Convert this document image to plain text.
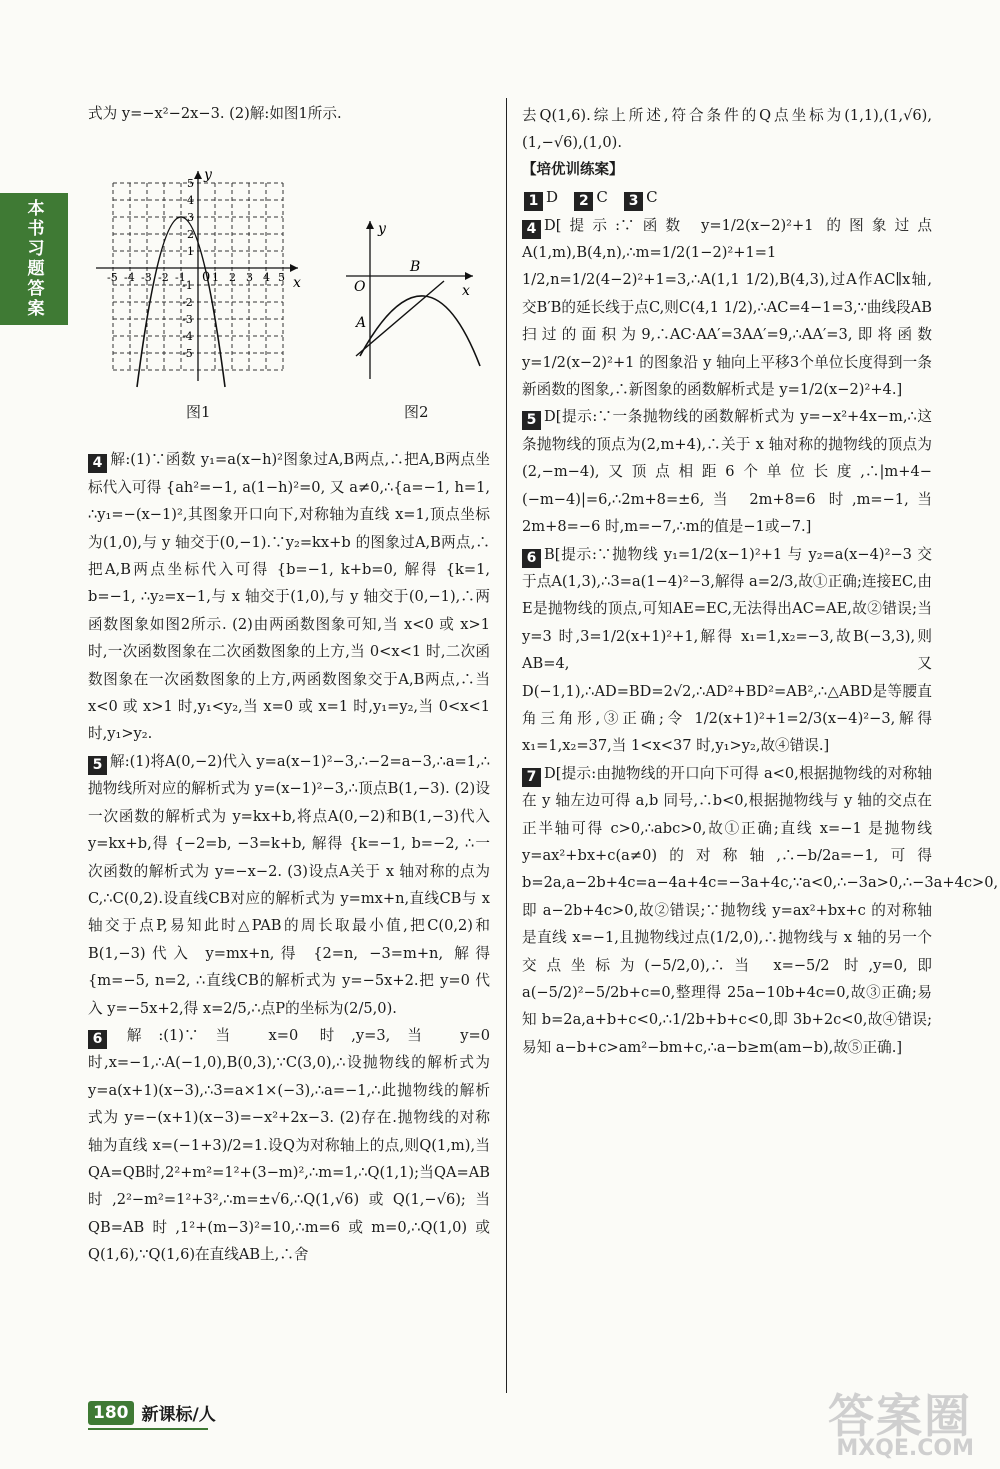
本书习题答案

式为 y=−x²−2x−3. (2)解:如图1所示.

x
y
0
-5 -4 -3 -2 -1 1 2 3 4 5
5
4
3
2
1
-1
-2
-3
-4
-5
y
x
O
A
B
图1	图2

4 解:(1)∵函数 y₁=a(x−h)²图象过A,B两点,∴把A,B两点坐标代入可得 {ah²=−1, a(1−h)²=0, 又 a≠0,∴{a=−1, h=1, ∴y₁=−(x−1)²,其图象开口向下,对称轴为直线 x=1,顶点坐标为(1,0),与 y 轴交于(0,−1).∵y₂=kx+b 的图象过A,B两点,∴把A,B两点坐标代入可得 {b=−1, k+b=0, 解得 {k=1, b=−1, ∴y₂=x−1,与 x 轴交于(1,0),与 y 轴交于(0,−1),∴两函数图象如图2所示. (2)由两函数图象可知,当 x<0 或 x>1 时,一次函数图象在二次函数图象的上方,当 0<x<1 时,二次函数图象在一次函数图象的上方,两函数图象交于A,B两点,∴当 x<0 或 x>1 时,y₁<y₂,当 x=0 或 x=1 时,y₁=y₂,当 0<x<1 时,y₁>y₂.

5 解:(1)将A(0,−2)代入 y=a(x−1)²−3,∴−2=a−3,∴a=1,∴抛物线所对应的解析式为 y=(x−1)²−3,∴顶点B(1,−3). (2)设一次函数的解析式为 y=kx+b,将点A(0,−2)和B(1,−3)代入 y=kx+b,得 {−2=b, −3=k+b, 解得 {k=−1, b=−2, ∴一次函数的解析式为 y=−x−2. (3)设点A关于 x 轴对称的点为C,∴C(0,2).设直线CB对应的解析式为 y=mx+n,直线CB与 x 轴交于点P,易知此时△PAB的周长取最小值,把C(0,2)和B(1,−3)代入 y=mx+n,得 {2=n, −3=m+n, 解得 {m=−5, n=2, ∴直线CB的解析式为 y=−5x+2.把 y=0 代入 y=−5x+2,得 x=2/5,∴点P的坐标为(2/5,0).

6 解:(1)∵当 x=0 时,y=3,当 y=0 时,x=−1,∴A(−1,0),B(0,3),∵C(3,0),∴设抛物线的解析式为 y=a(x+1)(x−3),∴3=a×1×(−3),∴a=−1,∴此抛物线的解析式为 y=−(x+1)(x−3)=−x²+2x−3. (2)存在.抛物线的对称轴为直线 x=(−1+3)/2=1.设Q为对称轴上的点,则Q(1,m),当QA=QB时,2²+m²=1²+(3−m)²,∴m=1,∴Q(1,1);当QA=AB时,2²−m²=1²+3²,∴m=±√6,∴Q(1,√6)或Q(1,−√6);当QB=AB时,1²+(m−3)²=10,∴m=6或m=0,∴Q(1,0)或Q(1,6),∵Q(1,6)在直线AB上,∴舍

去Q(1,6).综上所述,符合条件的Q点坐标为(1,1),(1,√6),(1,−√6),(1,0).

【培优训练案】

1 D 2 C 3 C

4 D[提示:∵函数 y=1/2(x−2)²+1 的图象过点A(1,m),B(4,n),∴m=1/2(1−2)²+1=1 1/2,n=1/2(4−2)²+1=3,∴A(1,1 1/2),B(4,3),过A作AC∥x轴,交B′B的延长线于点C,则C(4,1 1/2),∴AC=4−1=3,∵曲线段AB扫过的面积为9,∴AC·AA′=3AA′=9,∴AA′=3,即将函数 y=1/2(x−2)²+1 的图象沿 y 轴向上平移3个单位长度得到一条新函数的图象,∴新图象的函数解析式是 y=1/2(x−2)²+4.]

5 D[提示:∵一条抛物线的函数解析式为 y=−x²+4x−m,∴这条抛物线的顶点为(2,m+4),∴关于 x 轴对称的抛物线的顶点为(2,−m−4),又顶点相距6个单位长度,∴|m+4−(−m−4)|=6,∴2m+8=±6,当 2m+8=6 时,m=−1,当 2m+8=−6 时,m=−7,∴m的值是−1或−7.]

6 B[提示:∵抛物线 y₁=1/2(x−1)²+1 与 y₂=a(x−4)²−3 交于点A(1,3),∴3=a(1−4)²−3,解得 a=2/3,故①正确;连接EC,由E是抛物线的顶点,可知AE=EC,无法得出AC=AE,故②错误;当 y=3 时,3=1/2(x+1)²+1,解得 x₁=1,x₂=−3,故B(−3,3),则AB=4,又D(−1,1),∴AD=BD=2√2,∴AD²+BD²=AB²,∴△ABD是等腰直角三角形,③正确;令 1/2(x+1)²+1=2/3(x−4)²−3,解得 x₁=1,x₂=37,当 1<x<37 时,y₁>y₂,故④错误.]

7 D[提示:由抛物线的开口向下可得 a<0,根据抛物线的对称轴在 y 轴左边可得 a,b 同号,∴b<0,根据抛物线与 y 轴的交点在正半轴可得 c>0,∴abc>0,故①正确;直线 x=−1 是抛物线 y=ax²+bx+c(a≠0)的对称轴,∴−b/2a=−1,可得 b=2a,a−2b+4c=a−4a+4c=−3a+4c,∵a<0,∴−3a>0,∴−3a+4c>0,即 a−2b+4c>0,故②错误;∵抛物线 y=ax²+bx+c 的对称轴是直线 x=−1,且抛物线过点(1/2,0),∴抛物线与 x 轴的另一个交点坐标为(−5/2,0),∴当 x=−5/2 时,y=0,即 a(−5/2)²−5/2b+c=0,整理得 25a−10b+4c=0,故③正确;易知 b=2a,a+b+c<0,∴1/2b+b+c<0,即 3b+2c<0,故④错误;易知 a−b+c>am²−bm+c,∴a−b≥m(am−b),故⑤正确.]

180 新课标/人	答案圈
MXQE.COM
